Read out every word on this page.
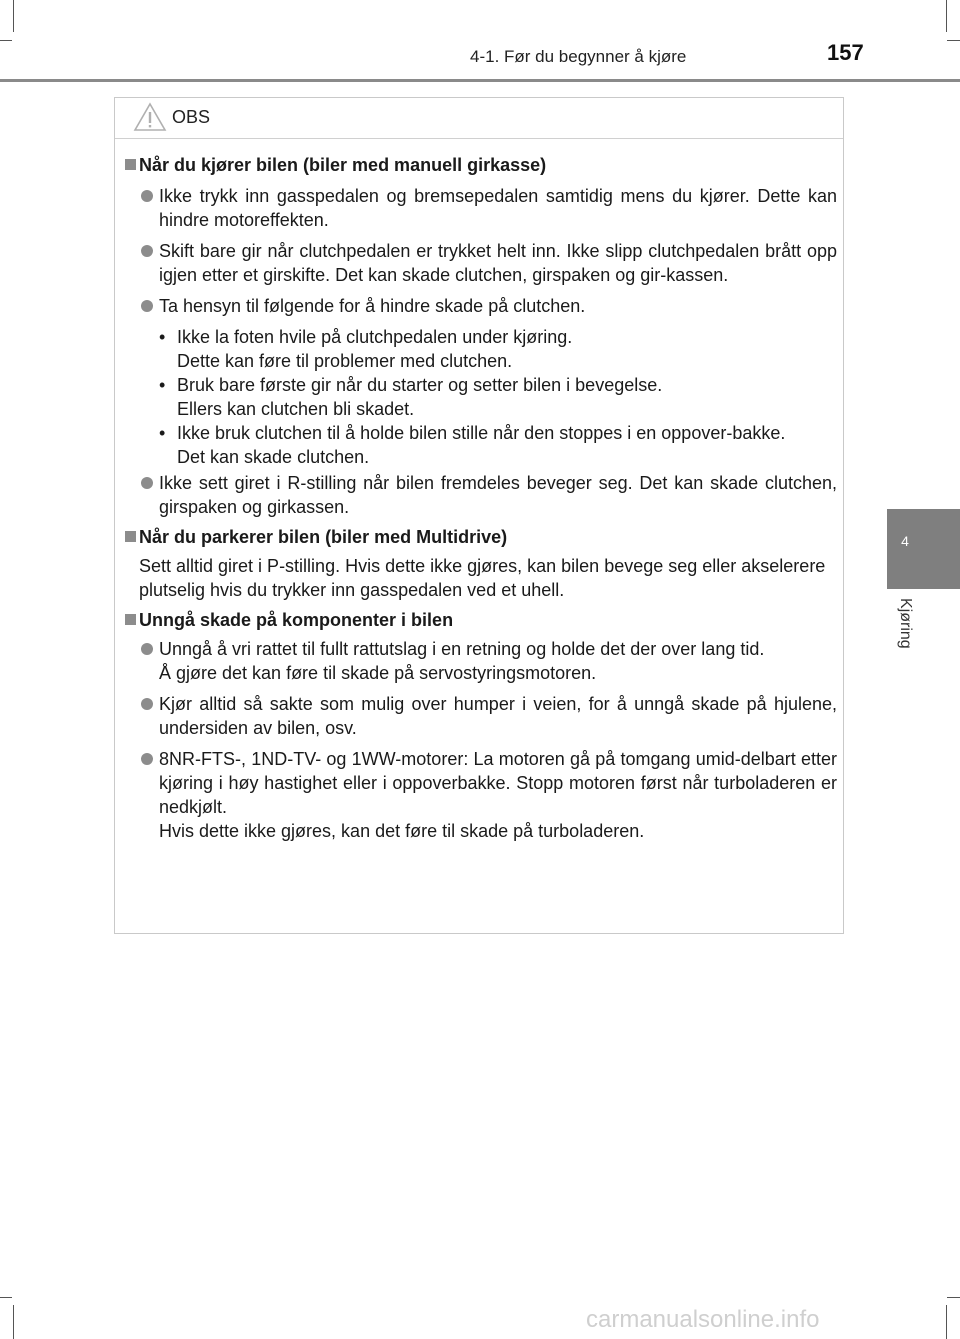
4-1. Før du begynner å kjøre	157
4
Kjøring
OBS
Når du kjører bilen (biler med manuell girkasse)
Ikke trykk inn gasspedalen og bremsepedalen samtidig mens du kjører. Dette kan hindre motoreffekten.
Skift bare gir når clutchpedalen er trykket helt inn. Ikke slipp clutchpedalen brått opp igjen etter et girskifte. Det kan skade clutchen, girspaken og gir-kassen.
Ta hensyn til følgende for å hindre skade på clutchen.
• Ikke la foten hvile på clutchpedalen under kjøring.
Dette kan føre til problemer med clutchen.
• Bruk bare første gir når du starter og setter bilen i bevegelse.
Ellers kan clutchen bli skadet.
• Ikke bruk clutchen til å holde bilen stille når den stoppes i en oppover-bakke.
Det kan skade clutchen.
Ikke sett giret i R-stilling når bilen fremdeles beveger seg. Det kan skade clutchen, girspaken og girkassen.
Når du parkerer bilen (biler med Multidrive)
Sett alltid giret i P-stilling. Hvis dette ikke gjøres, kan bilen bevege seg eller akselerere plutselig hvis du trykker inn gasspedalen ved et uhell.
Unngå skade på komponenter i bilen
Unngå å vri rattet til fullt rattutslag i en retning og holde det der over lang tid.
Å gjøre det kan føre til skade på servostyringsmotoren.
Kjør alltid så sakte som mulig over humper i veien, for å unngå skade på hjulene, undersiden av bilen, osv.
8NR-FTS-, 1ND-TV- og 1WW-motorer: La motoren gå på tomgang umid-delbart etter kjøring i høy hastighet eller i oppoverbakke. Stopp motoren først når turboladeren er nedkjølt.
Hvis dette ikke gjøres, kan det føre til skade på turboladeren.
carmanualsonline.info
